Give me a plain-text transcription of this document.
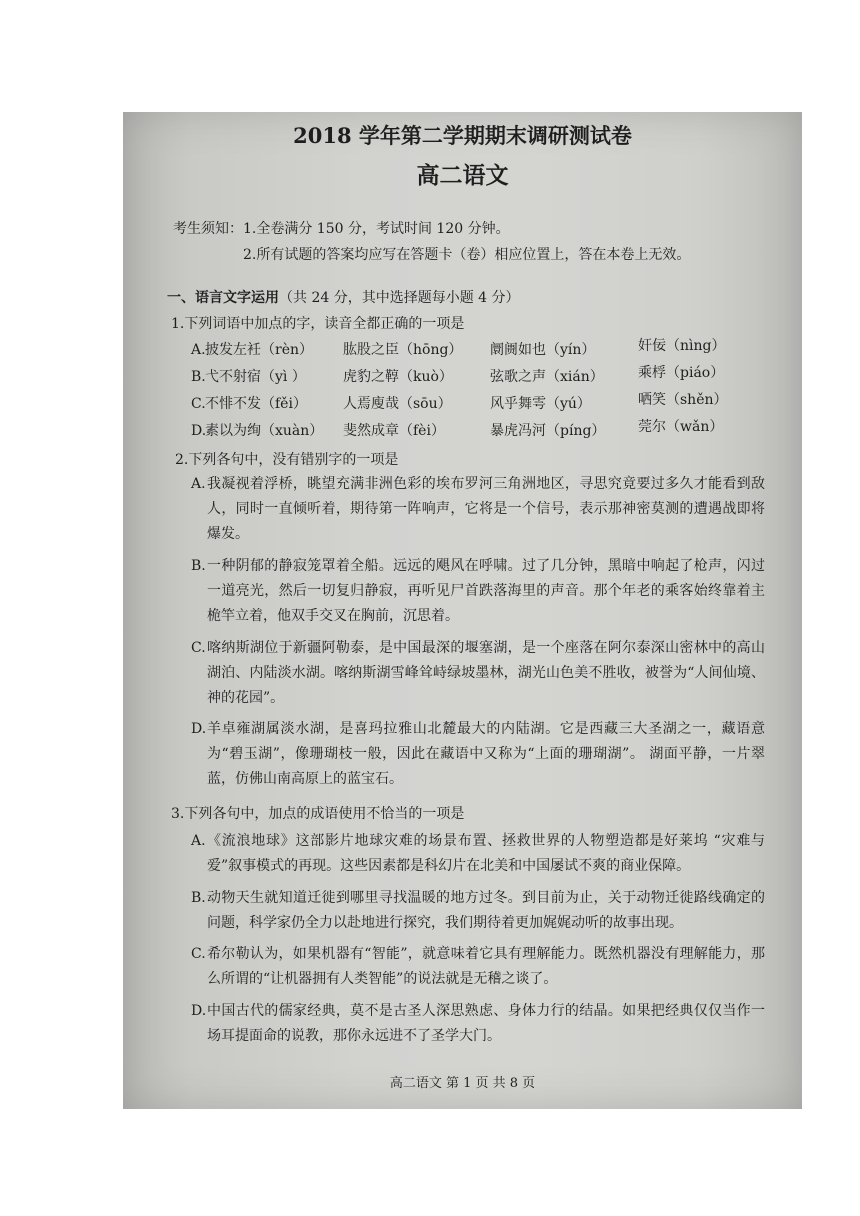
2018 学年第二学期期末调研测试卷
高二语文
考生须知：1.全卷满分 150 分，考试时间 120 分钟。
2.所有试题的答案均应写在答题卡（卷）相应位置上，答在本卷上无效。
一、语言文字运用（共 24 分，其中选择题每小题 4 分）
1.下列词语中加点的字，读音全都正确的一项是
A. 披发左衽（rèn） 肱股之臣（hōng） 阛阓如也（yín）	奸佞（nìng）
B. 弋不射宿（yì ）	虎豹之鞟（kuò）	弦歌之声（xián） 乘桴（piáo）
C. 不悱不发（fěi）	人焉廋哉（sōu）	风乎舞雩（yú）	哂笑（shěn）
D.
素以为绚（xuàn） 斐然成章（fèi）	暴虎冯河（píng） 莞尔（wǎn）
2.下列各句中，没有错别字的一项是
A. 我凝视着浮桥，眺望充满非洲色彩的埃布罗河三角洲地区，寻思究竟要过多久才能看到敌人，同时一直倾听着，期待第一阵响声，它将是一个信号，表示那神密莫测的遭遇战即将爆发。
B. 一种阴郁的静寂笼罩着全船。远远的飓风在呼啸。过了几分钟，黑暗中响起了枪声，闪过一道亮光，然后一切复归静寂，再听见尸首跌落海里的声音。那个年老的乘客始终靠着主桅竿立着，他双手交叉在胸前，沉思着。
C. 喀纳斯湖位于新疆阿勒泰，是中国最深的堰塞湖，是一个座落在阿尔泰深山密林中的高山湖泊、内陆淡水湖。喀纳斯湖雪峰耸峙绿坡墨林，湖光山色美不胜收，被誉为“人间仙境、神的花园”。
D. 羊卓雍湖属淡水湖，是喜玛拉雅山北麓最大的内陆湖。它是西藏三大圣湖之一，藏语意为“碧玉湖”，像珊瑚枝一般，因此在藏语中又称为“上面的珊瑚湖”。 湖面平静，一片翠蓝，仿佛山南高原上的蓝宝石。
3.下列各句中，加点的成语使用不恰当的一项是
A. 《流浪地球》这部影片地球灾难的场景布置、拯救世界的人物塑造都是好莱坞 “灾难与爱”叙事模式的再现。这些因素都是科幻片在北美和中国屡试不爽的商业保障。
B. 动物天生就知道迁徙到哪里寻找温暖的地方过冬。到目前为止，关于动物迁徙路线确定的问题，科学家仍全力以赴地进行探究，我们期待着更加娓娓动听的故事出现。
C. 希尔勒认为，如果机器有“智能”，就意味着它具有理解能力。既然机器没有理解能力，那么所谓的“让机器拥有人类智能”的说法就是无稽之谈了。
D. 中国古代的儒家经典，莫不是古圣人深思熟虑、身体力行的结晶。如果把经典仅仅当作一场耳提面命的说教，那你永远进不了圣学大门。
高二语文 第 1 页 共 8 页
